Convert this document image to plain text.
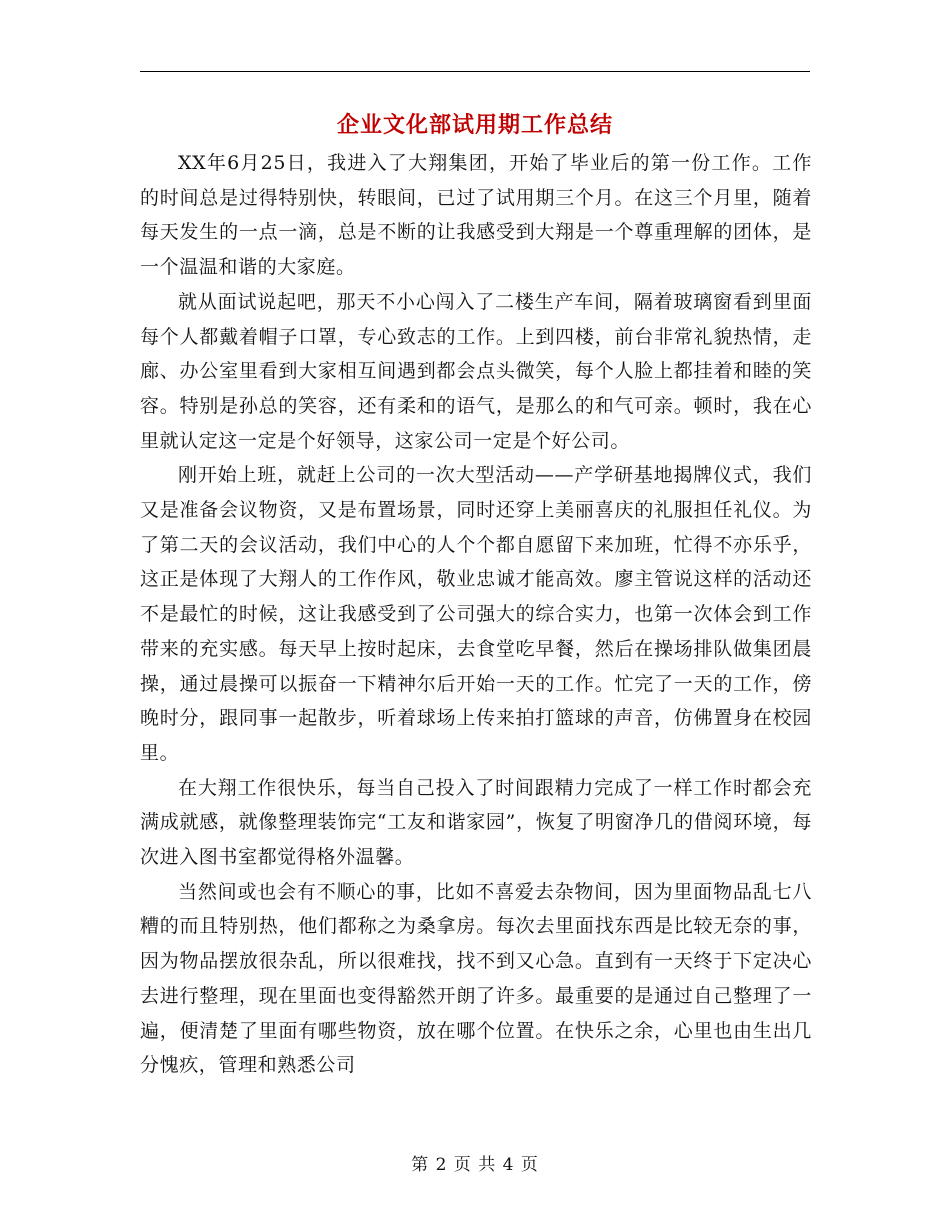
企业文化部试用期工作总结

XX年6月25日，我进入了大翔集团，开始了毕业后的第一份工作。工作的时间总是过得特别快，转眼间，已过了试用期三个月。在这三个月里，随着每天发生的一点一滴，总是不断的让我感受到大翔是一个尊重理解的团体，是一个温温和谐的大家庭。

就从面试说起吧，那天不小心闯入了二楼生产车间，隔着玻璃窗看到里面每个人都戴着帽子口罩，专心致志的工作。上到四楼，前台非常礼貌热情，走廊、办公室里看到大家相互间遇到都会点头微笑，每个人脸上都挂着和睦的笑容。特别是孙总的笑容，还有柔和的语气，是那么的和气可亲。顿时，我在心里就认定这一定是个好领导，这家公司一定是个好公司。

刚开始上班，就赶上公司的一次大型活动——产学研基地揭牌仪式，我们又是准备会议物资，又是布置场景，同时还穿上美丽喜庆的礼服担任礼仪。为了第二天的会议活动，我们中心的人个个都自愿留下来加班，忙得不亦乐乎，这正是体现了大翔人的工作作风，敬业忠诚才能高效。廖主管说这样的活动还不是最忙的时候，这让我感受到了公司强大的综合实力，也第一次体会到工作带来的充实感。每天早上按时起床，去食堂吃早餐，然后在操场排队做集团晨操，通过晨操可以振奋一下精神尔后开始一天的工作。忙完了一天的工作，傍晚时分，跟同事一起散步，听着球场上传来拍打篮球的声音，仿佛置身在校园里。

在大翔工作很快乐，每当自己投入了时间跟精力完成了一样工作时都会充满成就感，就像整理装饰完“工友和谐家园”，恢复了明窗净几的借阅环境，每次进入图书室都觉得格外温馨。

当然间或也会有不顺心的事，比如不喜爱去杂物间，因为里面物品乱七八糟的而且特别热，他们都称之为桑拿房。每次去里面找东西是比较无奈的事，因为物品摆放很杂乱，所以很难找，找不到又心急。直到有一天终于下定决心去进行整理，现在里面也变得豁然开朗了许多。最重要的是通过自己整理了一遍，便清楚了里面有哪些物资，放在哪个位置。在快乐之余，心里也由生出几分愧疚，管理和熟悉公司

第 2 页 共 4 页
